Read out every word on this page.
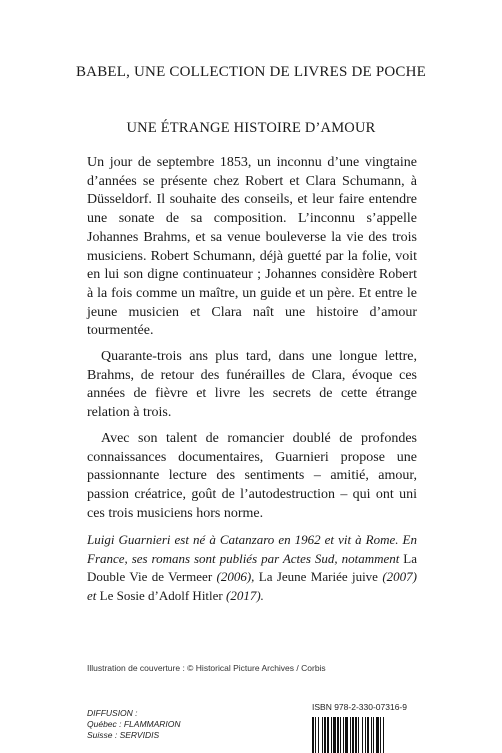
BABEL, UNE COLLECTION DE LIVRES DE POCHE
UNE ÉTRANGE HISTOIRE D’AMOUR

Un jour de septembre 1853, un inconnu d’une vingtaine d’années se présente chez Robert et Clara Schumann, à Düsseldorf. Il souhaite des conseils, et leur faire entendre une sonate de sa composition. L’inconnu s’appelle Johannes Brahms, et sa venue bouleverse la vie des trois musiciens. Robert Schumann, déjà guetté par la folie, voit en lui son digne continuateur ; Johannes considère Robert à la fois comme un maître, un guide et un père. Et entre le jeune musicien et Clara naît une histoire d’amour tourmentée.

Quarante-trois ans plus tard, dans une longue lettre, Brahms, de retour des funérailles de Clara, évoque ces années de fièvre et livre les secrets de cette étrange relation à trois.

Avec son talent de romancier doublé de profondes connaissances documentaires, Guarnieri propose une passionnante lecture des sentiments – amitié, amour, passion créatrice, goût de l’autodestruction – qui ont uni ces trois musiciens hors norme.

Luigi Guarnieri est né à Catanzaro en 1962 et vit à Rome. En France, ses romans sont publiés par Actes Sud, notamment La Double Vie de Vermeer (2006), La Jeune Mariée juive (2007) et Le Sosie d’Adolf Hitler (2017).
Illustration de couverture : © Historical Picture Archives / Corbis
DIFFUSION :
Québec : FLAMMARION
Suisse : SERVIDIS
ISBN 978-2-330-07316-9
